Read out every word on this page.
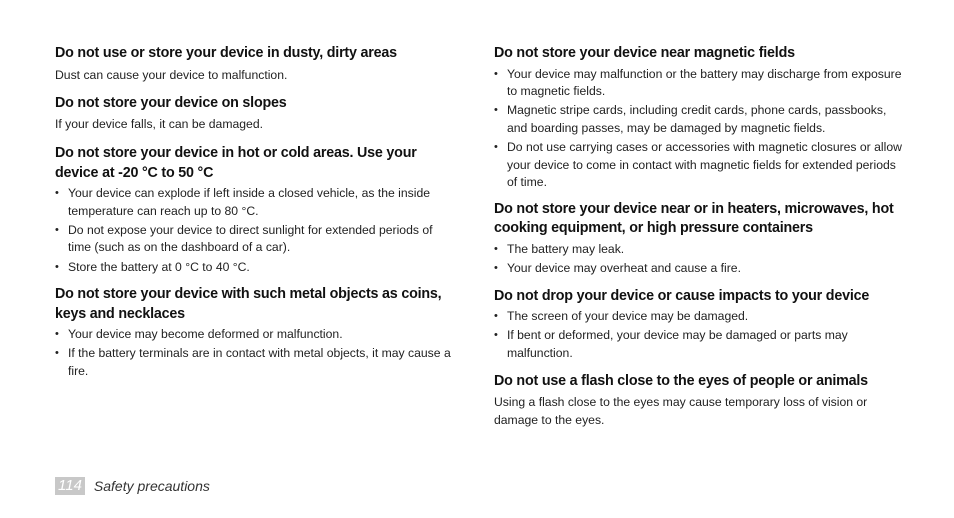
Do not use or store your device in dusty, dirty areas

Dust can cause your device to malfunction.

Do not store your device on slopes

If your device falls, it can be damaged.

Do not store your device in hot or cold areas. Use your device at -20 °C to 50 °C
• Your device can explode if left inside a closed vehicle, as the inside temperature can reach up to 80 °C.
• Do not expose your device to direct sunlight for extended periods of time (such as on the dashboard of a car).
• Store the battery at 0 °C to 40 °C.
Do not store your device with such metal objects as coins, keys and necklaces
• Your device may become deformed or malfunction.
• If the battery terminals are in contact with metal objects, it may cause a fire.
Do not store your device near magnetic fields
• Your device may malfunction or the battery may discharge from exposure to magnetic fields.
• Magnetic stripe cards, including credit cards, phone cards, passbooks, and boarding passes, may be damaged by magnetic fields.
• Do not use carrying cases or accessories with magnetic closures or allow your device to come in contact with magnetic fields for extended periods of time.
Do not store your device near or in heaters, microwaves, hot cooking equipment, or high pressure containers
• The battery may leak.
• Your device may overheat and cause a fire.
Do not drop your device or cause impacts to your device
• The screen of your device may be damaged.
• If bent or deformed, your device may be damaged or parts may malfunction.
Do not use a flash close to the eyes of people or animals

Using a flash close to the eyes may cause temporary loss of vision or damage to the eyes.

114 Safety precautions
